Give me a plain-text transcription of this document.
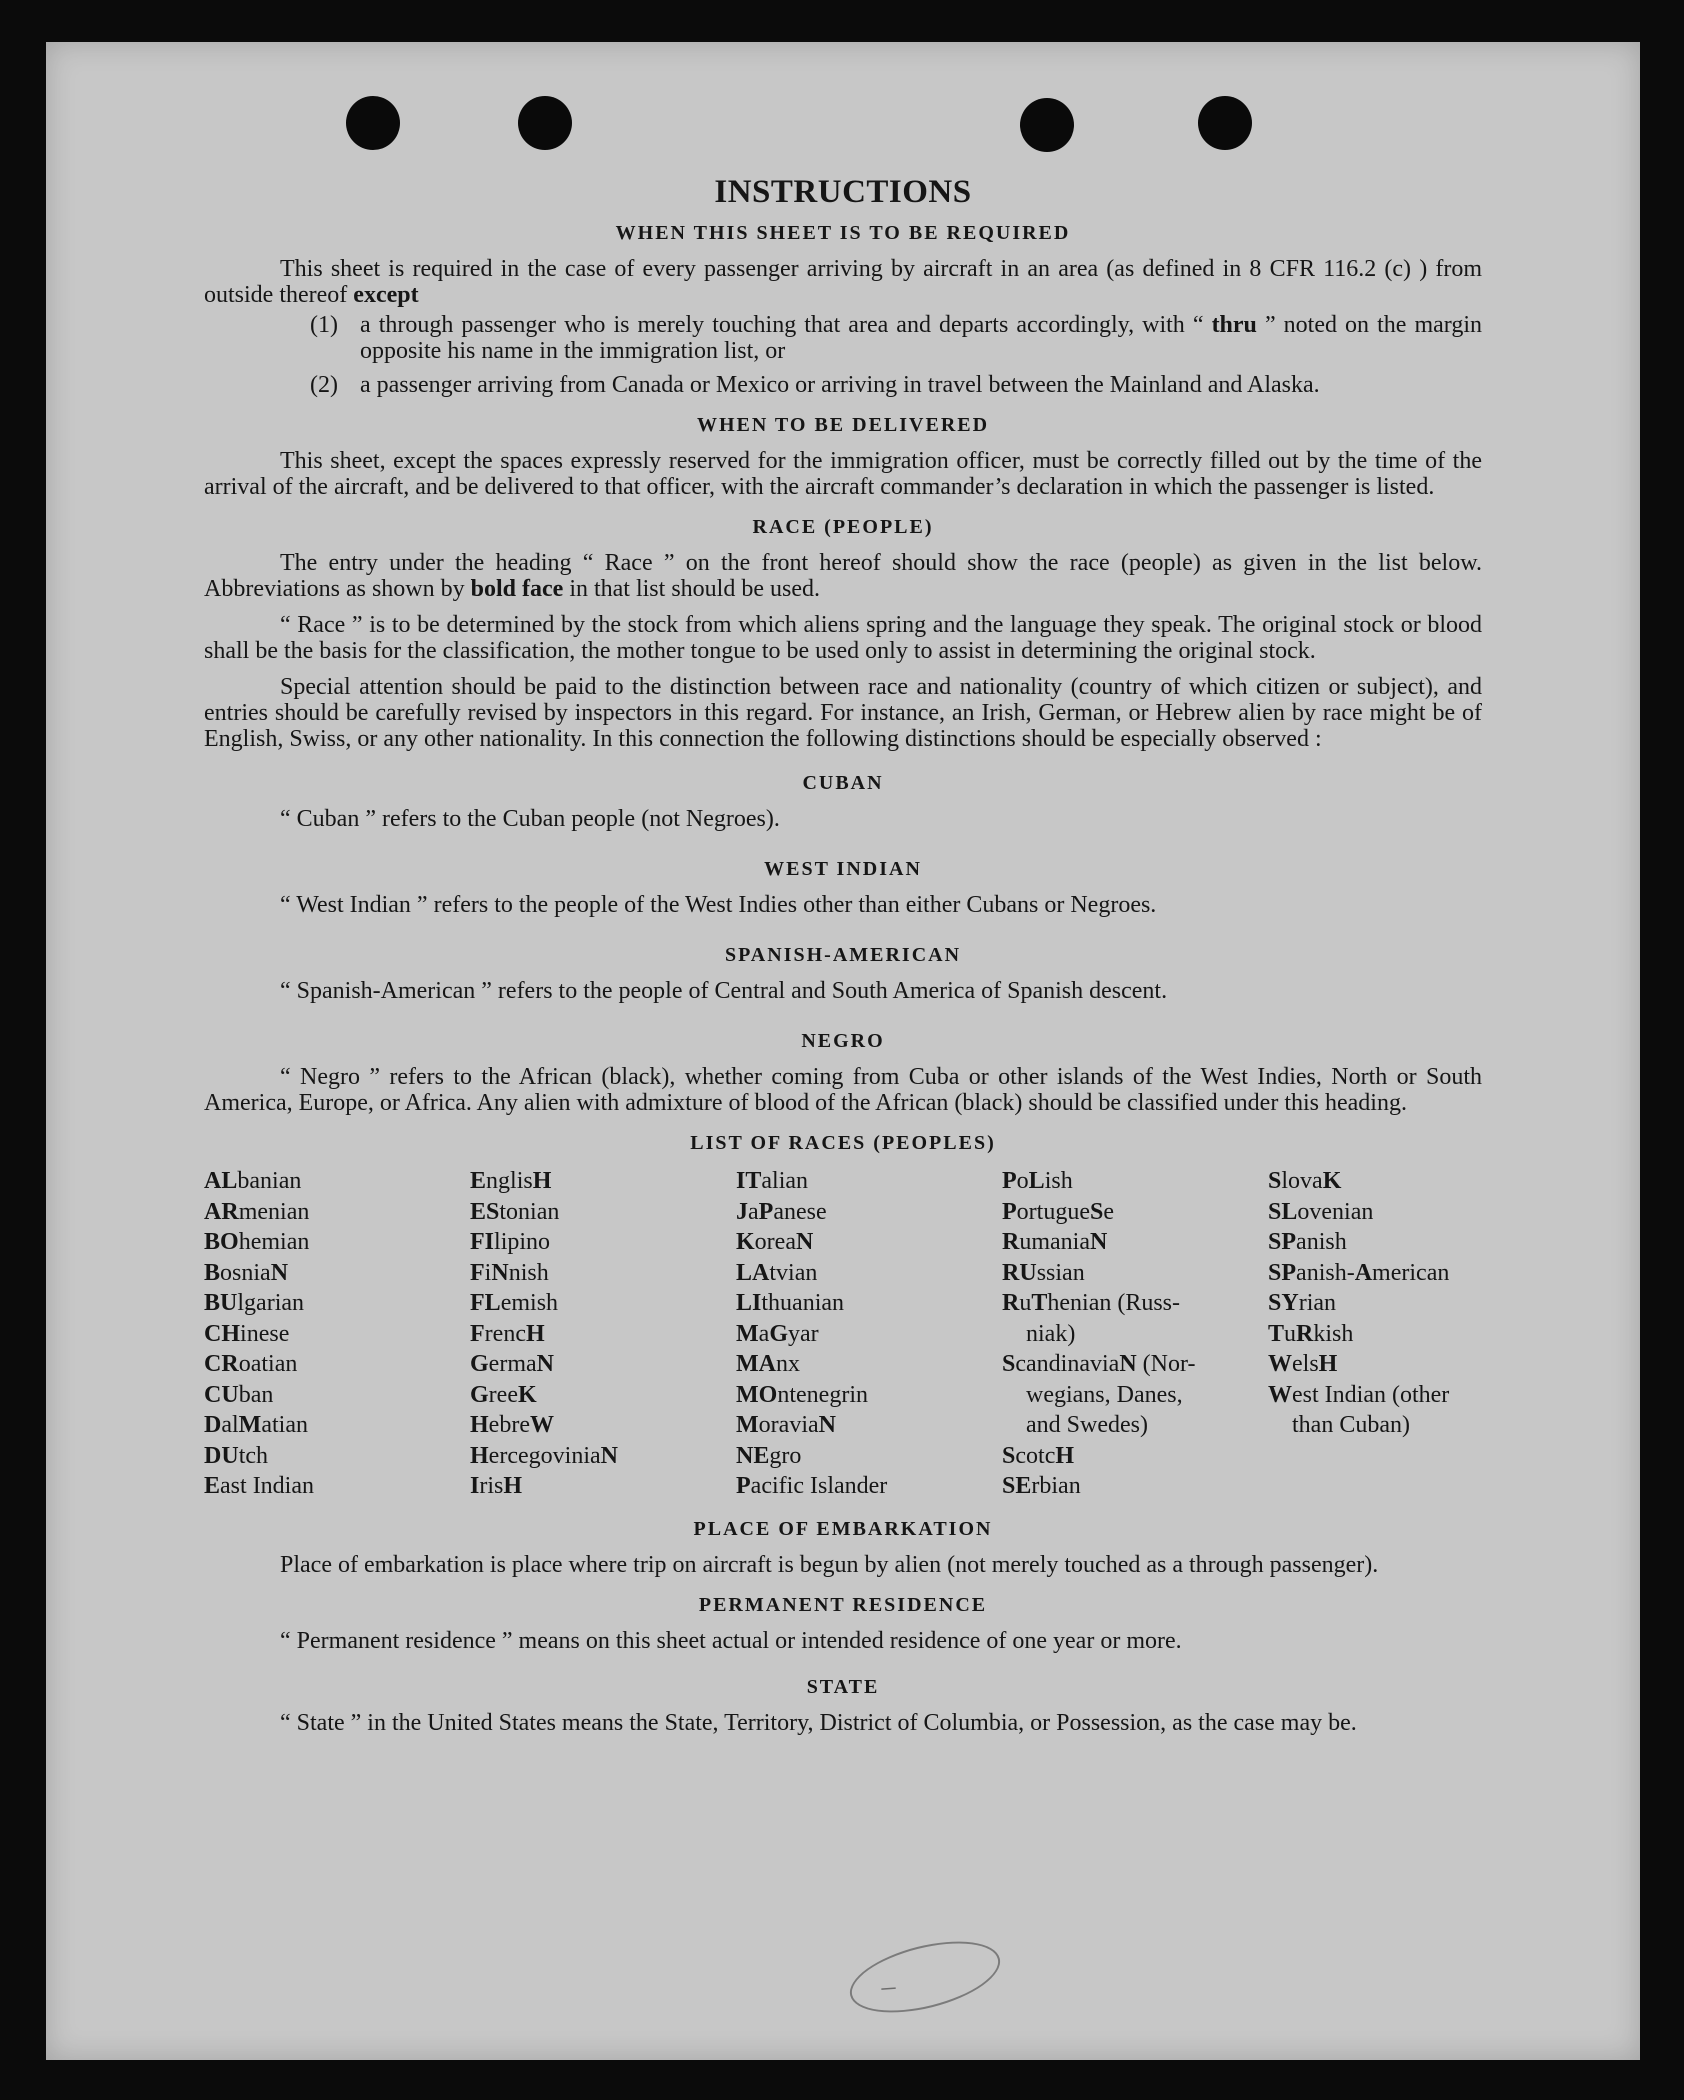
INSTRUCTIONS
WHEN THIS SHEET IS TO BE REQUIRED

This sheet is required in the case of every passenger arriving by aircraft in an area (as defined in 8 CFR 116.2 (c) ) from outside thereof except

(1) a through passenger who is merely touching that area and departs accordingly, with “ thru ” noted on the margin opposite his name in the immigration list, or

(2) a passenger arriving from Canada or Mexico or arriving in travel between the Mainland and Alaska.

WHEN TO BE DELIVERED

This sheet, except the spaces expressly reserved for the immigration officer, must be correctly filled out by the time of the arrival of the aircraft, and be delivered to that officer, with the aircraft commander’s declaration in which the passenger is listed.

RACE (PEOPLE)

The entry under the heading “ Race ” on the front hereof should show the race (people) as given in the list below. Abbreviations as shown by bold face in that list should be used.

“ Race ” is to be determined by the stock from which aliens spring and the language they speak. The original stock or blood shall be the basis for the classification, the mother tongue to be used only to assist in determining the original stock.

Special attention should be paid to the distinction between race and nationality (country of which citizen or subject), and entries should be carefully revised by inspectors in this regard. For instance, an Irish, German, or Hebrew alien by race might be of English, Swiss, or any other nationality. In this connection the following distinctions should be especially observed :

CUBAN

“ Cuban ” refers to the Cuban people (not Negroes).

WEST INDIAN

“ West Indian ” refers to the people of the West Indies other than either Cubans or Negroes.

SPANISH-AMERICAN

“ Spanish-American ” refers to the people of Central and South America of Spanish descent.

NEGRO

“ Negro ” refers to the African (black), whether coming from Cuba or other islands of the West Indies, North or South America, Europe, or Africa. Any alien with admixture of blood of the African (black) should be classified under this heading.

LIST OF RACES (PEOPLES)
ALbanian
ARmenian
BOhemian
BosniaN
BUlgarian
CHinese
CRoatian
CUban
DalMatian
DUtch
East Indian
EnglisH
EStonian
FIlipino
FiNnish
FLemish
FrencH
GermaN
GreeK
HebreW
HercegoviniaN
IrisH
ITalian
JaPanese
KoreaN
LAtvian
LIthuanian
MaGyar
MAnx
MOntenegrin
MoraviaN
NEgro
Pacific Islander
PoLish
PortugueSe
RumaniaN
RUssian
RuThenian (Russ-
niak)
ScandinaviaN (Nor-
wegians, Danes,
and Swedes)
ScotcH
SErbian
SlovaK
SLovenian
SPanish
SPanish-American
SYrian
TuRkish
WelsH
West Indian (other
than Cuban)
PLACE OF EMBARKATION

Place of embarkation is place where trip on aircraft is begun by alien (not merely touched as a through passenger).

PERMANENT RESIDENCE

“ Permanent residence ” means on this sheet actual or intended residence of one year or more.

STATE

“ State ” in the United States means the State, Territory, District of Columbia, or Possession, as the case may be.

–
